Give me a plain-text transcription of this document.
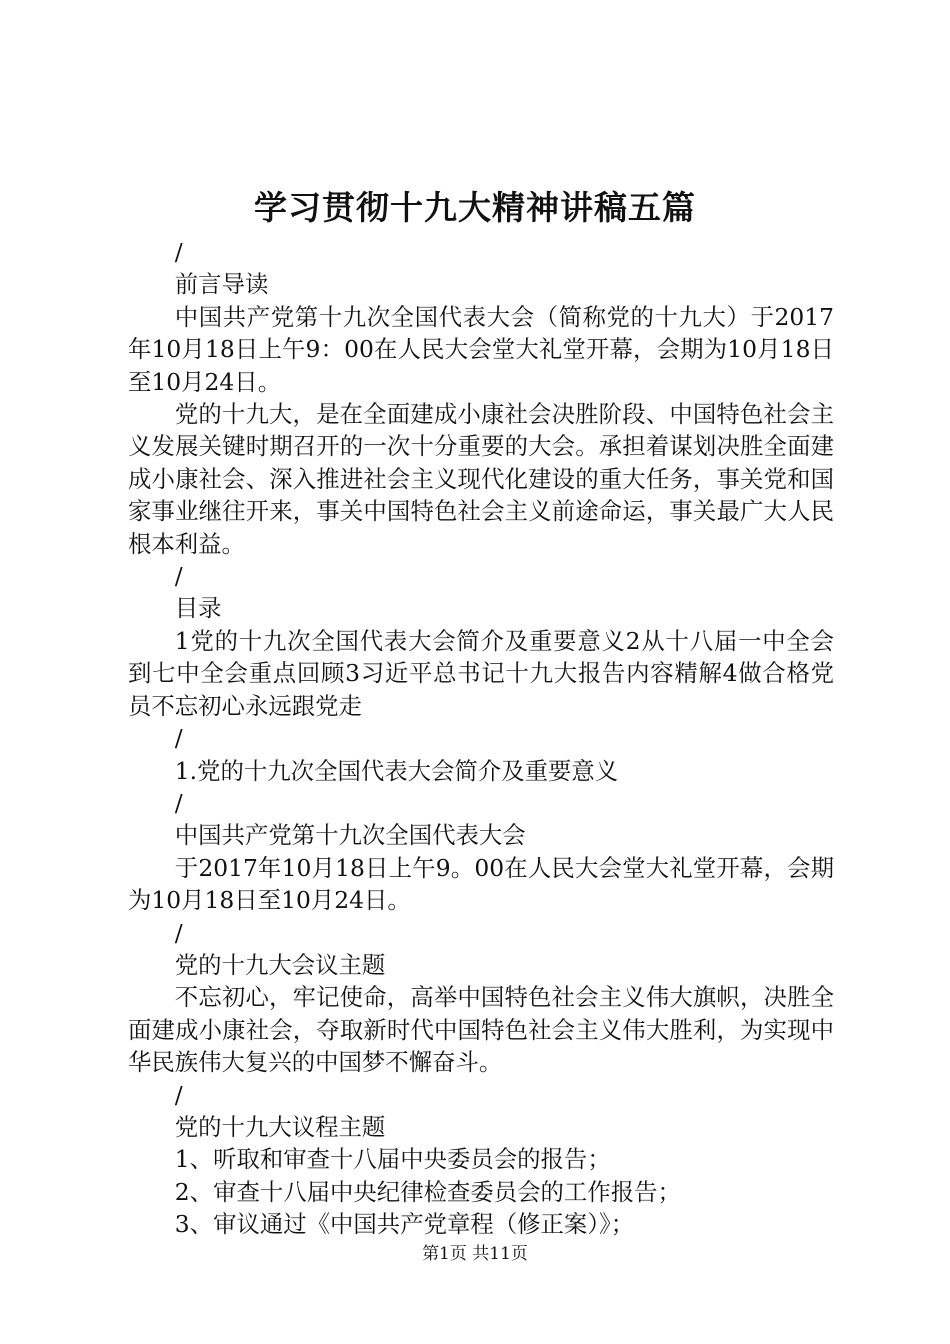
学习贯彻十九大精神讲稿五篇

/

前言导读

中国共产党第十九次全国代表大会（简称党的十九大）于2017年10月18日上午9：00在人民大会堂大礼堂开幕，会期为10月18日至10月24日。

党的十九大，是在全面建成小康社会决胜阶段、中国特色社会主义发展关键时期召开的一次十分重要的大会。承担着谋划决胜全面建成小康社会、深入推进社会主义现代化建设的重大任务，事关党和国家事业继往开来，事关中国特色社会主义前途命运，事关最广大人民根本利益。

/

目录

1党的十九次全国代表大会简介及重要意义2从十八届一中全会到七中全会重点回顾3习近平总书记十九大报告内容精解4做合格党员不忘初心永远跟党走

/

1.党的十九次全国代表大会简介及重要意义

/

中国共产党第十九次全国代表大会

于2017年10月18日上午9。00在人民大会堂大礼堂开幕，会期为10月18日至10月24日。

/

党的十九大会议主题

不忘初心，牢记使命，高举中国特色社会主义伟大旗帜，决胜全面建成小康社会，夺取新时代中国特色社会主义伟大胜利，为实现中华民族伟大复兴的中国梦不懈奋斗。

/

党的十九大议程主题

1、听取和审查十八届中央委员会的报告；

2、审查十八届中央纪律检查委员会的工作报告；

3、审议通过《中国共产党章程（修正案）》；

第1页 共11页
